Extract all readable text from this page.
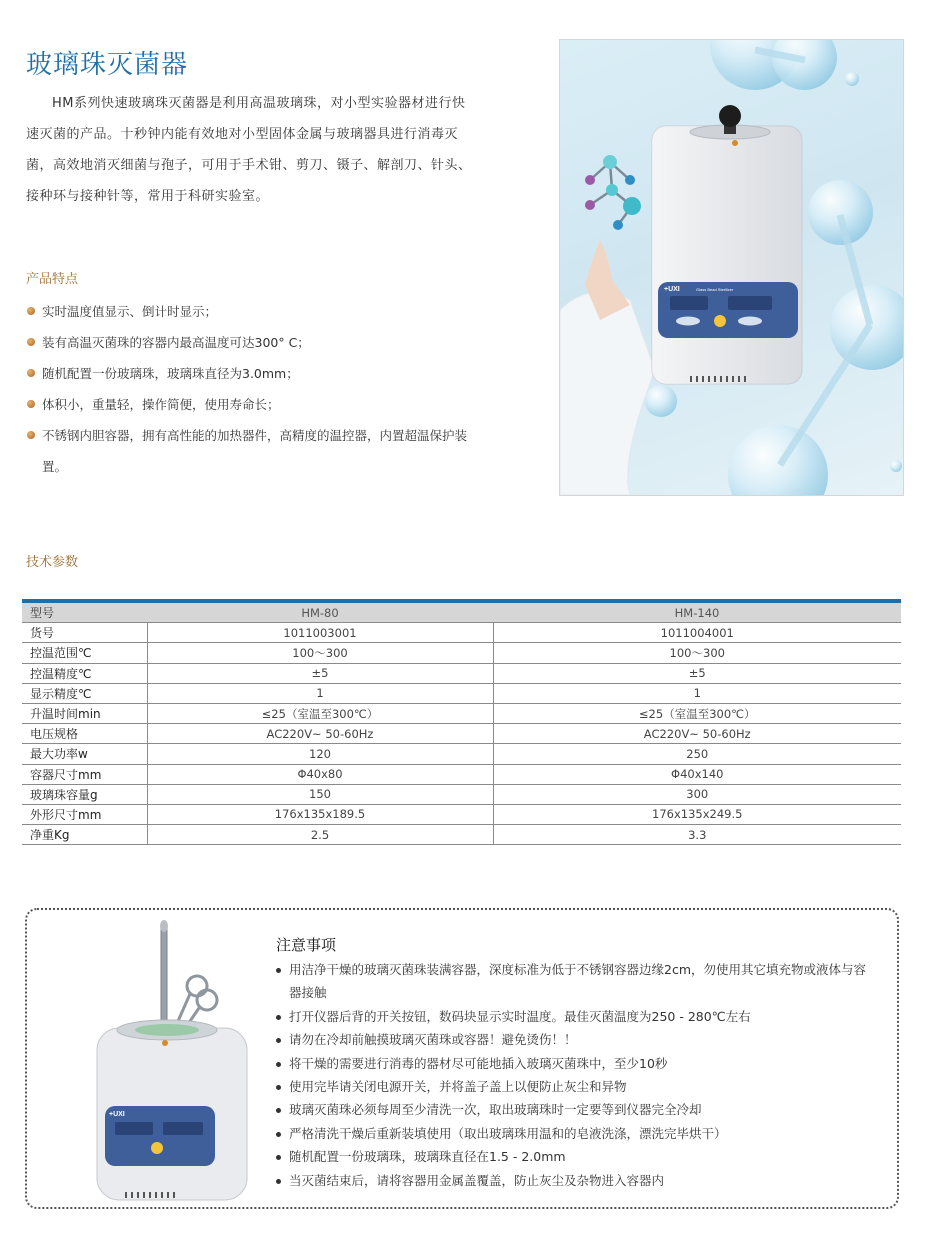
玻璃珠灭菌器

HM系列快速玻璃珠灭菌器是利用高温玻璃珠，对小型实验器材进行快速灭菌的产品。十秒钟内能有效地对小型固体金属与玻璃器具进行消毒灭菌，高效地消灭细菌与孢子，可用于手术钳、剪刀、镊子、解剖刀、针头、接种环与接种针等，常用于科研实验室。

产品特点
实时温度值显示、倒计时显示；
装有高温灭菌珠的容器内最高温度可达300° C；
随机配置一份玻璃珠，玻璃珠直径为3.0mm；
体积小，重量轻，操作简便，使用寿命长；
不锈钢内胆容器，拥有高性能的加热器件，高精度的温控器，内置超温保护装置。
+UXI	Glass Bead Sterilizer
技术参数
型号	HM-80	HM-140
货号	1011003001	1011004001
控温范围℃	100～300	100～300
控温精度℃	±5	±5
显示精度℃	1	1
升温时间min	≤25（室温至300℃）	≤25（室温至300℃）
电压规格	AC220V~ 50-60Hz	AC220V~ 50-60Hz
最大功率w	120	250
容器尺寸mm	Φ40x80	Φ40x140
玻璃珠容量g	150	300
外形尺寸mm	176x135x189.5	176x135x249.5
净重Kg	2.5	3.3
+UXI
注意事项
用洁净干燥的玻璃灭菌珠装满容器，深度标准为低于不锈钢容器边缘2cm，勿使用其它填充物或液体与容器接触
打开仪器后背的开关按钮，数码块显示实时温度。最佳灭菌温度为250 - 280℃左右
请勿在冷却前触摸玻璃灭菌珠或容器！避免烫伤！！
将干燥的需要进行消毒的器材尽可能地插入玻璃灭菌珠中，至少10秒
使用完毕请关闭电源开关，并将盖子盖上以便防止灰尘和异物
玻璃灭菌珠必须每周至少清洗一次，取出玻璃珠时一定要等到仪器完全冷却
严格清洗干燥后重新装填使用（取出玻璃珠用温和的皂液洗涤，漂洗完毕烘干）
随机配置一份玻璃珠，玻璃珠直径在1.5 - 2.0mm
当灭菌结束后，请将容器用金属盖覆盖，防止灰尘及杂物进入容器内
